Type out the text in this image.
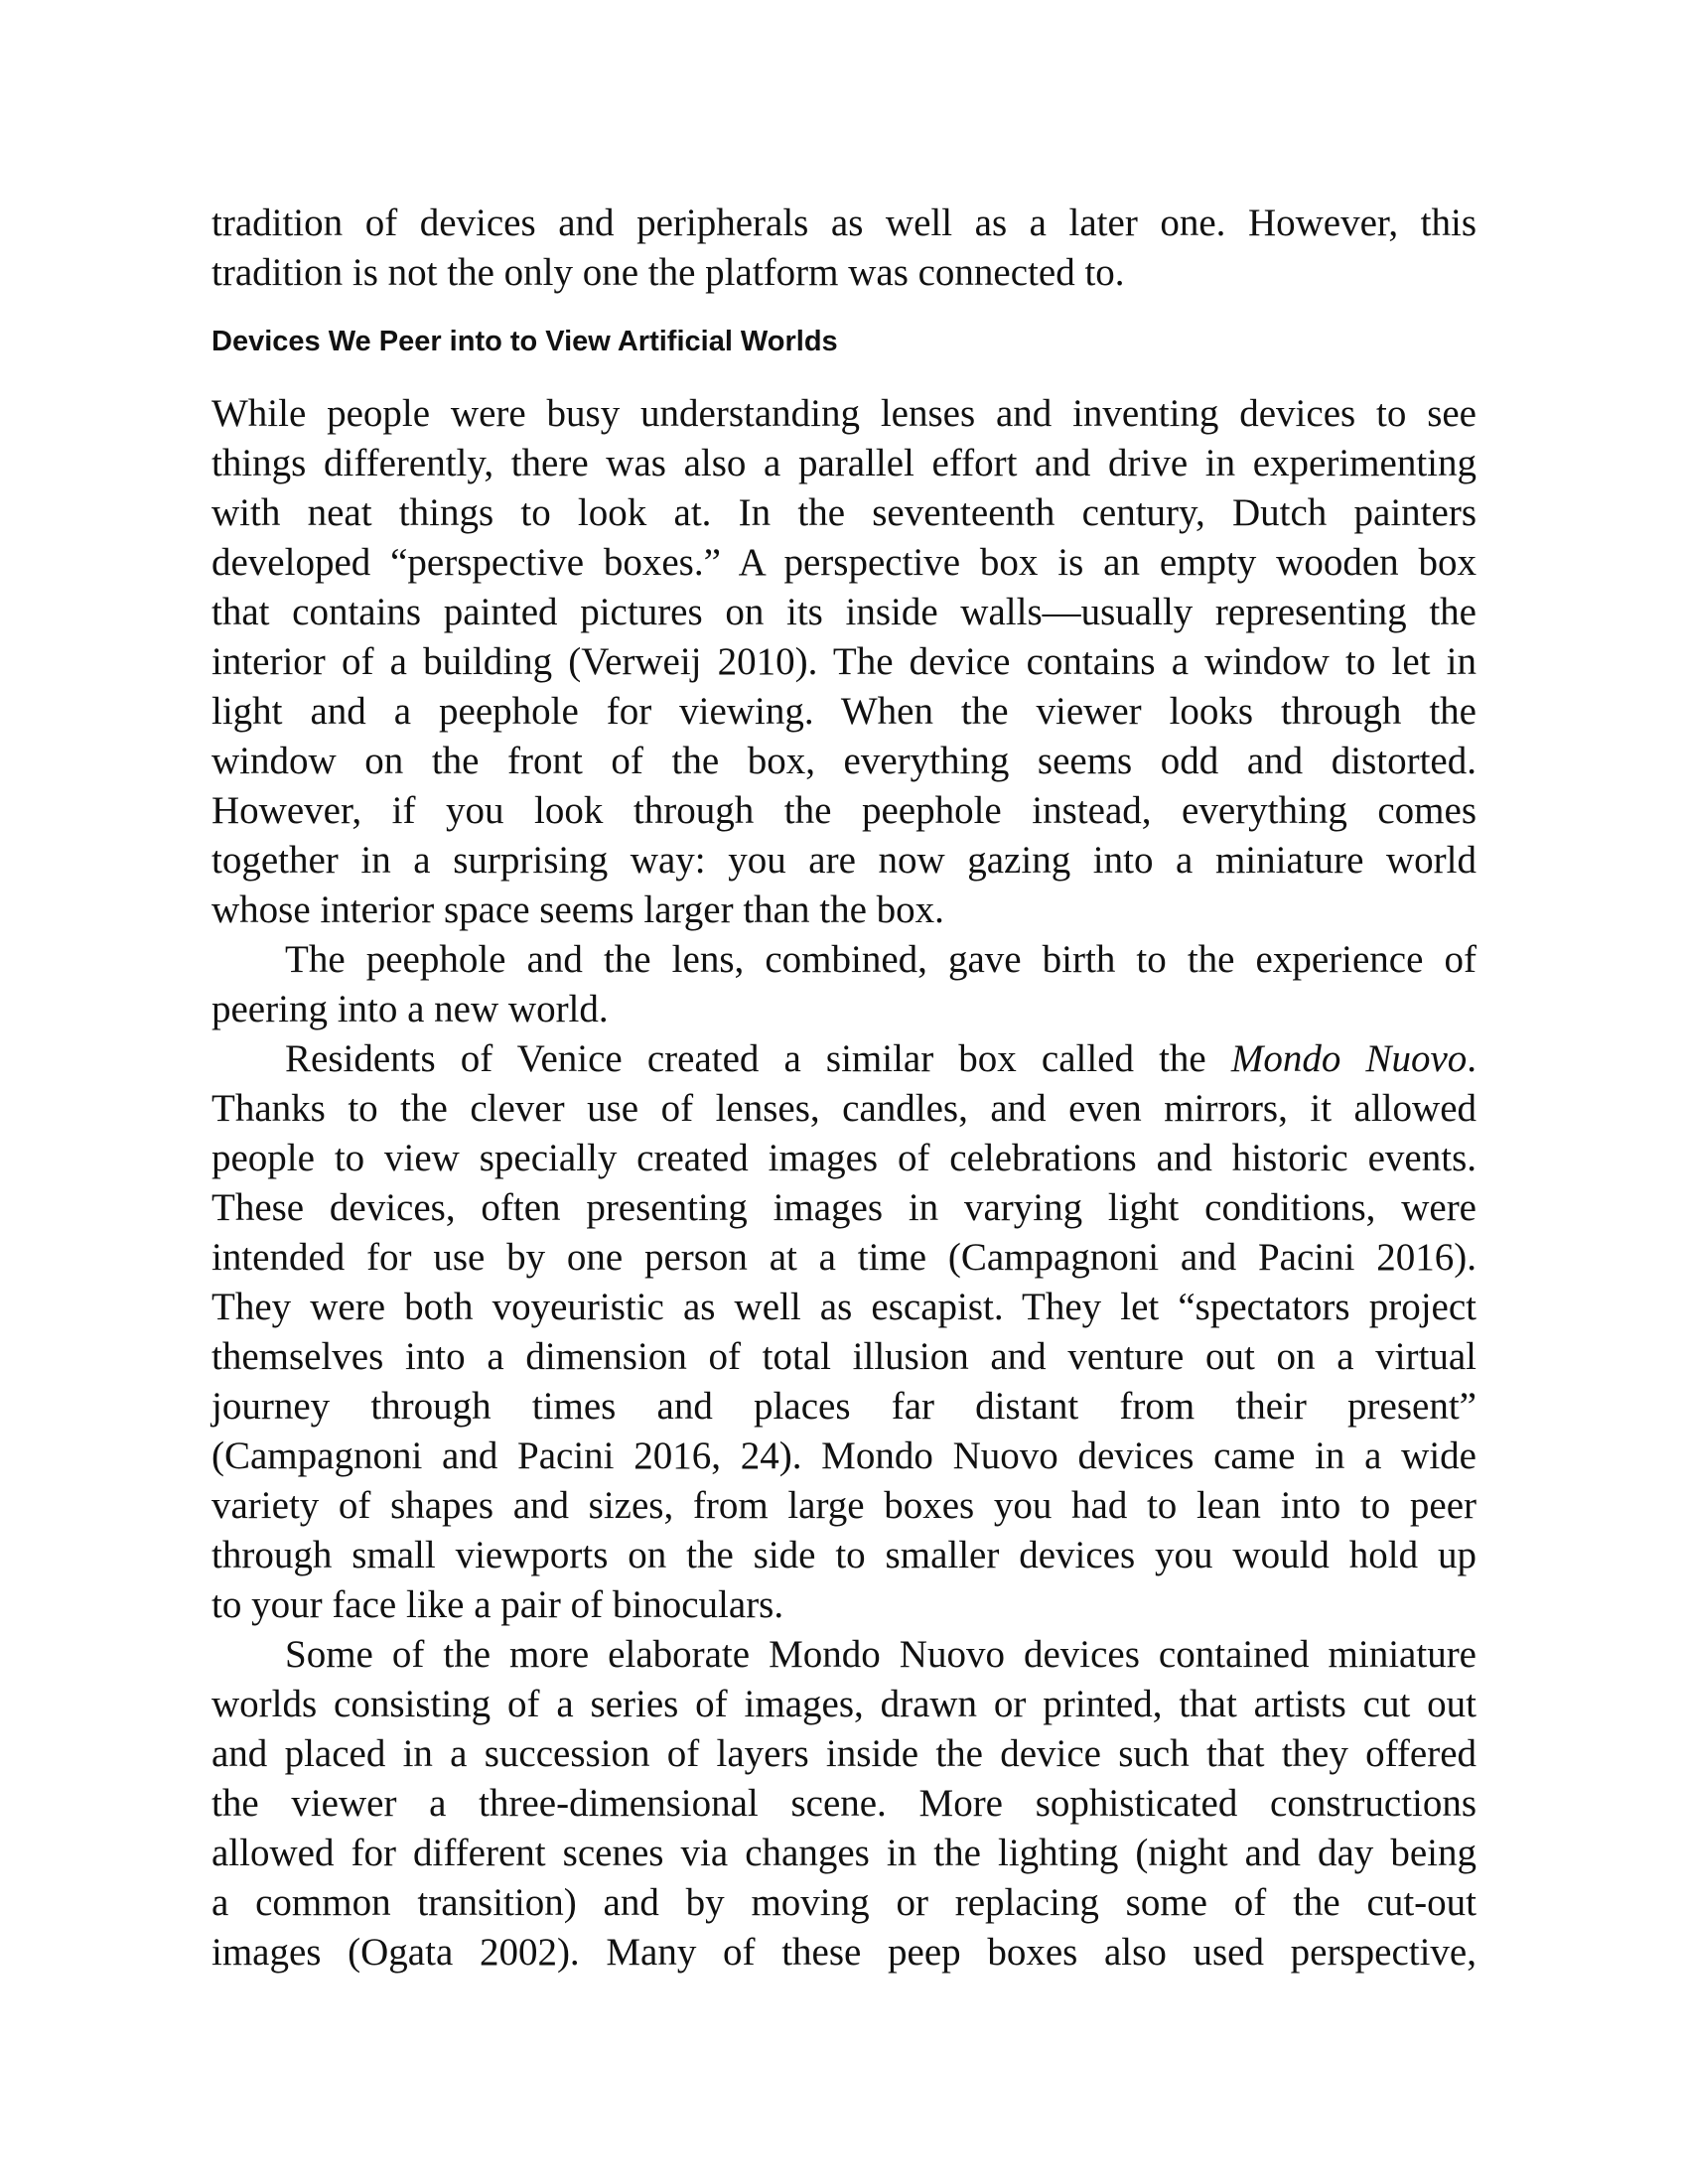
tradition of devices and peripherals as well as a later one. However, this
tradition is not the only one the platform was connected to.
Devices We Peer into to View Artificial Worlds
While people were busy understanding lenses and inventing devices to see
things differently, there was also a parallel effort and drive in experimenting
with neat things to look at. In the seventeenth century, Dutch painters
developed “perspective boxes.” A perspective box is an empty wooden box
that contains painted pictures on its inside walls—usually representing the
interior of a building (Verweij 2010). The device contains a window to let in
light and a peephole for viewing. When the viewer looks through the
window on the front of the box, everything seems odd and distorted.
However, if you look through the peephole instead, everything comes
together in a surprising way: you are now gazing into a miniature world
whose interior space seems larger than the box.
The peephole and the lens, combined, gave birth to the experience of
peering into a new world.
Residents of Venice created a similar box called the Mondo Nuovo.
Thanks to the clever use of lenses, candles, and even mirrors, it allowed
people to view specially created images of celebrations and historic events.
These devices, often presenting images in varying light conditions, were
intended for use by one person at a time (Campagnoni and Pacini 2016).
They were both voyeuristic as well as escapist. They let “spectators project
themselves into a dimension of total illusion and venture out on a virtual
journey through times and places far distant from their present”
(Campagnoni and Pacini 2016, 24). Mondo Nuovo devices came in a wide
variety of shapes and sizes, from large boxes you had to lean into to peer
through small viewports on the side to smaller devices you would hold up
to your face like a pair of binoculars.
Some of the more elaborate Mondo Nuovo devices contained miniature
worlds consisting of a series of images, drawn or printed, that artists cut out
and placed in a succession of layers inside the device such that they offered
the viewer a three-dimensional scene. More sophisticated constructions
allowed for different scenes via changes in the lighting (night and day being
a common transition) and by moving or replacing some of the cut-out
images (Ogata 2002). Many of these peep boxes also used perspective,
